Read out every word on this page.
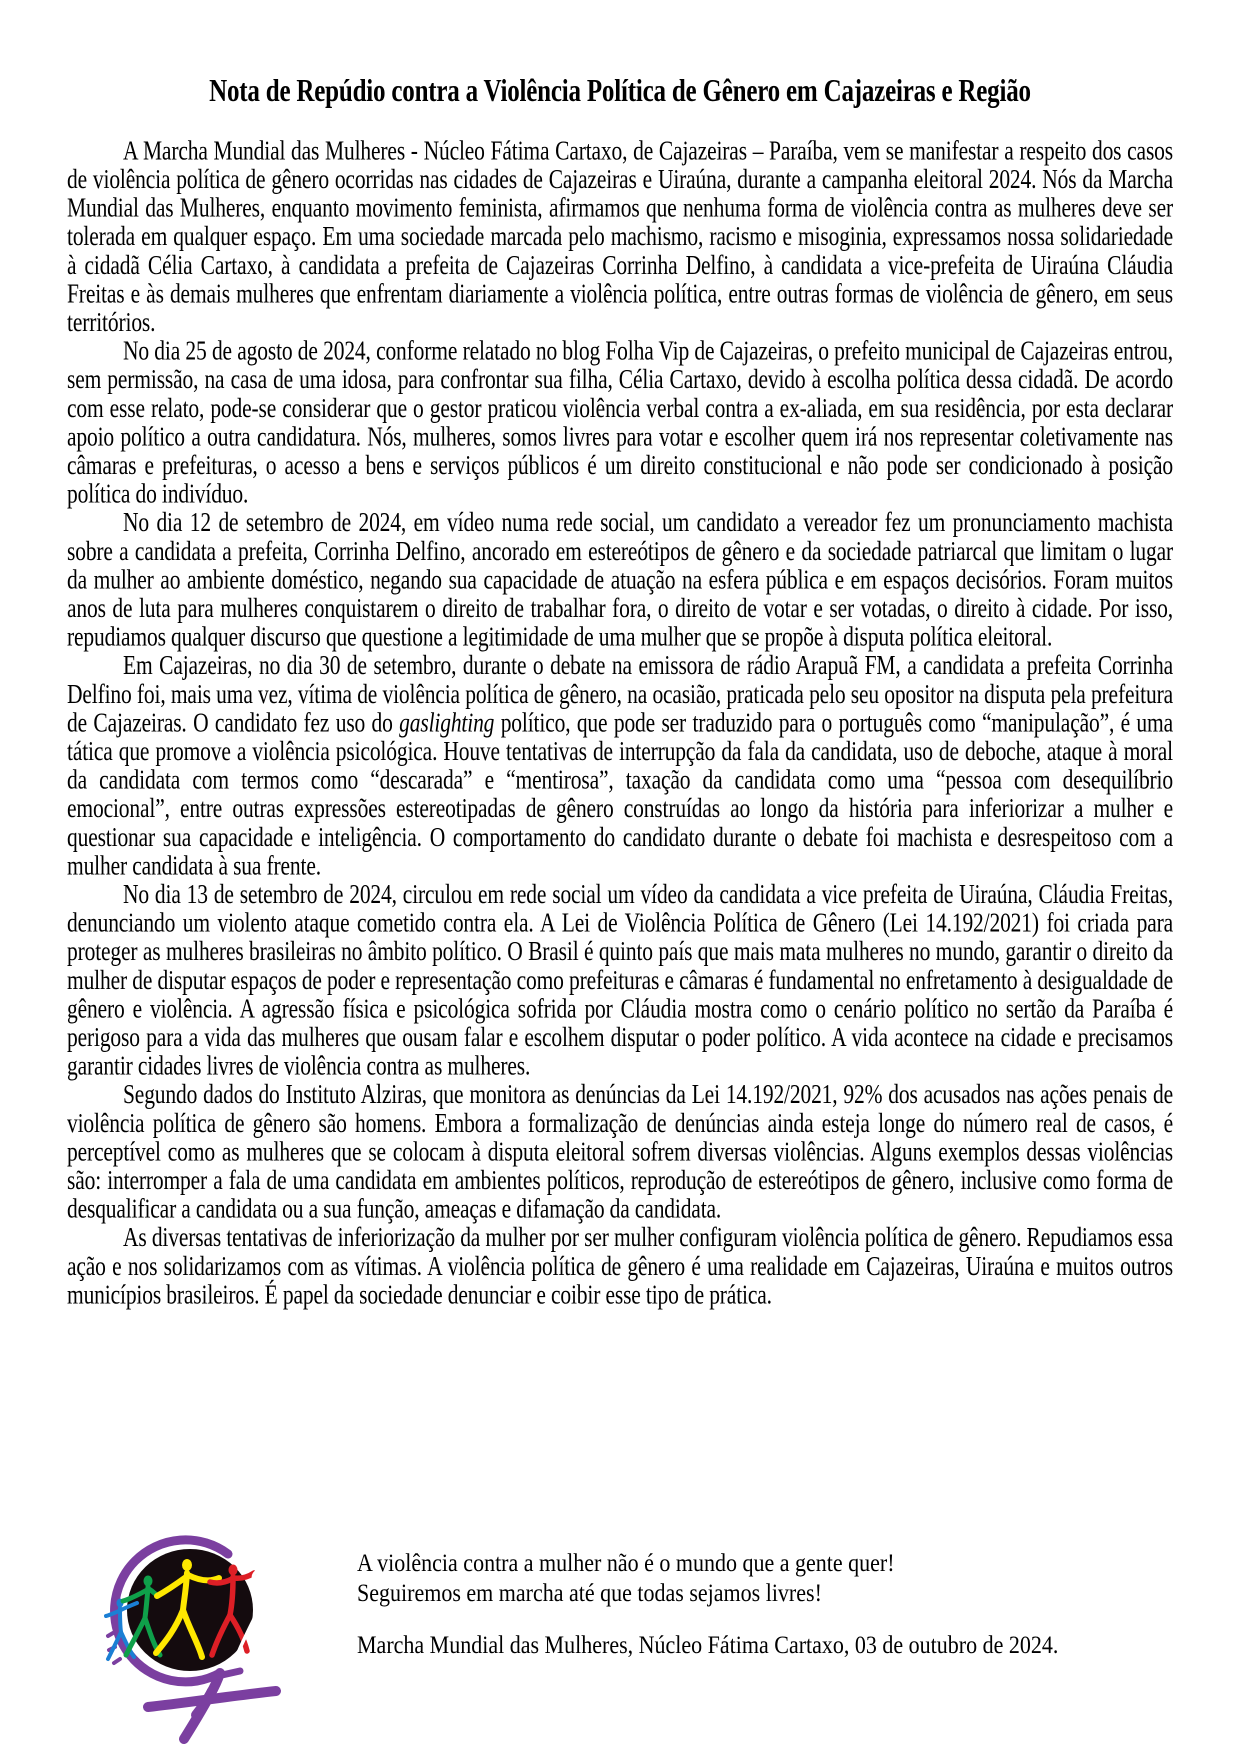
Nota de Repúdio contra a Violência Política de Gênero em Cajazeiras e Região

A Marcha Mundial das Mulheres - Núcleo Fátima Cartaxo, de Cajazeiras – Paraíba, vem se manifestar a respeito dos casos de violência política de gênero ocorridas nas cidades de Cajazeiras e Uiraúna, durante a campanha eleitoral 2024. Nós da Marcha Mundial das Mulheres, enquanto movimento feminista, afirmamos que nenhuma forma de violência contra as mulheres deve ser tolerada em qualquer espaço. Em uma sociedade marcada pelo machismo, racismo e misoginia, expressamos nossa solidariedade à cidadã Célia Cartaxo, à candidata a prefeita de Cajazeiras Corrinha Delfino, à candidata a vice-prefeita de Uiraúna Cláudia Freitas e às demais mulheres que enfrentam diariamente a violência política, entre outras formas de violência de gênero, em seus territórios.

No dia 25 de agosto de 2024, conforme relatado no blog Folha Vip de Cajazeiras, o prefeito municipal de Cajazeiras entrou, sem permissão, na casa de uma idosa, para confrontar sua filha, Célia Cartaxo, devido à escolha política dessa cidadã. De acordo com esse relato, pode-se considerar que o gestor praticou violência verbal contra a ex-aliada, em sua residência, por esta declarar apoio político a outra candidatura. Nós, mulheres, somos livres para votar e escolher quem irá nos representar coletivamente nas câmaras e prefeituras, o acesso a bens e serviços públicos é um direito constitucional e não pode ser condicionado à posição política do indivíduo.

No dia 12 de setembro de 2024, em vídeo numa rede social, um candidato a vereador fez um pronunciamento machista sobre a candidata a prefeita, Corrinha Delfino, ancorado em estereótipos de gênero e da sociedade patriarcal que limitam o lugar da mulher ao ambiente doméstico, negando sua capacidade de atuação na esfera pública e em espaços decisórios. Foram muitos anos de luta para mulheres conquistarem o direito de trabalhar fora, o direito de votar e ser votadas, o direito à cidade. Por isso, repudiamos qualquer discurso que questione a legitimidade de uma mulher que se propõe à disputa política eleitoral.

Em Cajazeiras, no dia 30 de setembro, durante o debate na emissora de rádio Arapuã FM, a candidata a prefeita Corrinha Delfino foi, mais uma vez, vítima de violência política de gênero, na ocasião, praticada pelo seu opositor na disputa pela prefeitura de Cajazeiras. O candidato fez uso do gaslighting político, que pode ser traduzido para o português como “manipulação”, é uma tática que promove a violência psicológica. Houve tentativas de interrupção da fala da candidata, uso de deboche, ataque à moral da candidata com termos como “descarada” e “mentirosa”, taxação da candidata como uma “pessoa com desequilíbrio emocional”, entre outras expressões estereotipadas de gênero construídas ao longo da história para inferiorizar a mulher e questionar sua capacidade e inteligência. O comportamento do candidato durante o debate foi machista e desrespeitoso com a mulher candidata à sua frente.

No dia 13 de setembro de 2024, circulou em rede social um vídeo da candidata a vice prefeita de Uiraúna, Cláudia Freitas, denunciando um violento ataque cometido contra ela. A Lei de Violência Política de Gênero (Lei 14.192/2021) foi criada para proteger as mulheres brasileiras no âmbito político. O Brasil é quinto país que mais mata mulheres no mundo, garantir o direito da mulher de disputar espaços de poder e representação como prefeituras e câmaras é fundamental no enfretamento à desigualdade de gênero e violência. A agressão física e psicológica sofrida por Cláudia mostra como o cenário político no sertão da Paraíba é perigoso para a vida das mulheres que ousam falar e escolhem disputar o poder político. A vida acontece na cidade e precisamos garantir cidades livres de violência contra as mulheres.

Segundo dados do Instituto Alziras, que monitora as denúncias da Lei 14.192/2021, 92% dos acusados nas ações penais de violência política de gênero são homens. Embora a formalização de denúncias ainda esteja longe do número real de casos, é perceptível como as mulheres que se colocam à disputa eleitoral sofrem diversas violências. Alguns exemplos dessas violências são: interromper a fala de uma candidata em ambientes políticos, reprodução de estereótipos de gênero, inclusive como forma de desqualificar a candidata ou a sua função, ameaças e difamação da candidata.

As diversas tentativas de inferiorização da mulher por ser mulher configuram violência política de gênero. Repudiamos essa ação e nos solidarizamos com as vítimas. A violência política de gênero é uma realidade em Cajazeiras, Uiraúna e muitos outros municípios brasileiros. É papel da sociedade denunciar e coibir esse tipo de prática.

A violência contra a mulher não é o mundo que a gente quer!
Seguiremos em marcha até que todas sejamos livres!
Marcha Mundial das Mulheres, Núcleo Fátima Cartaxo, 03 de outubro de 2024.
